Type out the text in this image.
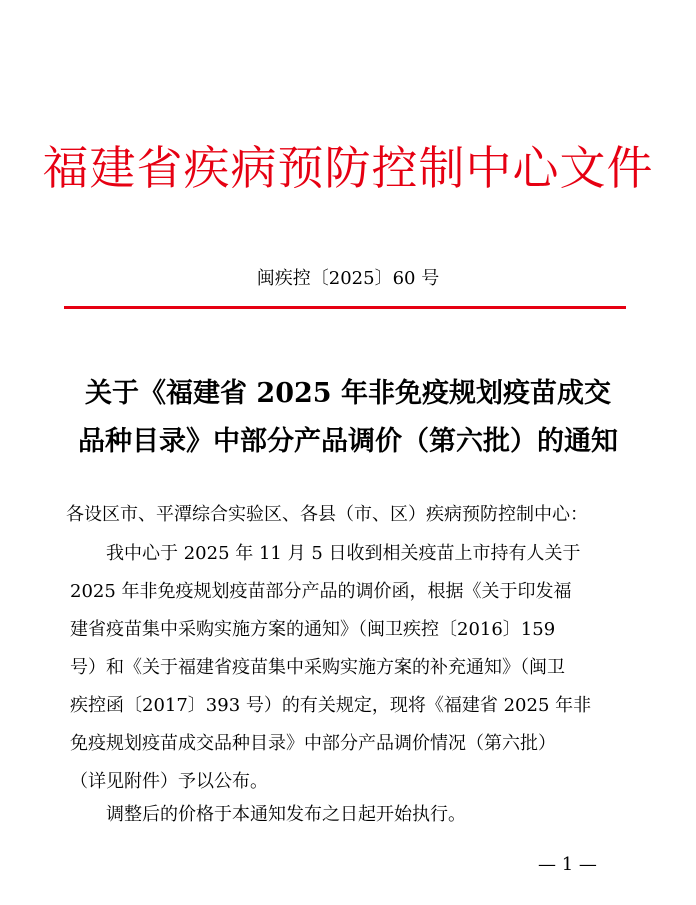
福建省疾病预防控制中心文件
闽疾控〔2025〕60 号
关于《福建省 2025 年非免疫规划疫苗成交
品种目录》中部分产品调价（第六批）的通知
各设区市、平潭综合实验区、各县（市、区）疾病预防控制中心：

我中心于 2025 年 11 月 5 日收到相关疫苗上市持有人关于

2025 年非免疫规划疫苗部分产品的调价函，根据《关于印发福

建省疫苗集中采购实施方案的通知》（闽卫疾控〔2016〕159

号）和《关于福建省疫苗集中采购实施方案的补充通知》（闽卫

疾控函〔2017〕393 号）的有关规定，现将《福建省 2025 年非

免疫规划疫苗成交品种目录》中部分产品调价情况（第六批）

（详见附件）予以公布。

调整后的价格于本通知发布之日起开始执行。
— 1 —
